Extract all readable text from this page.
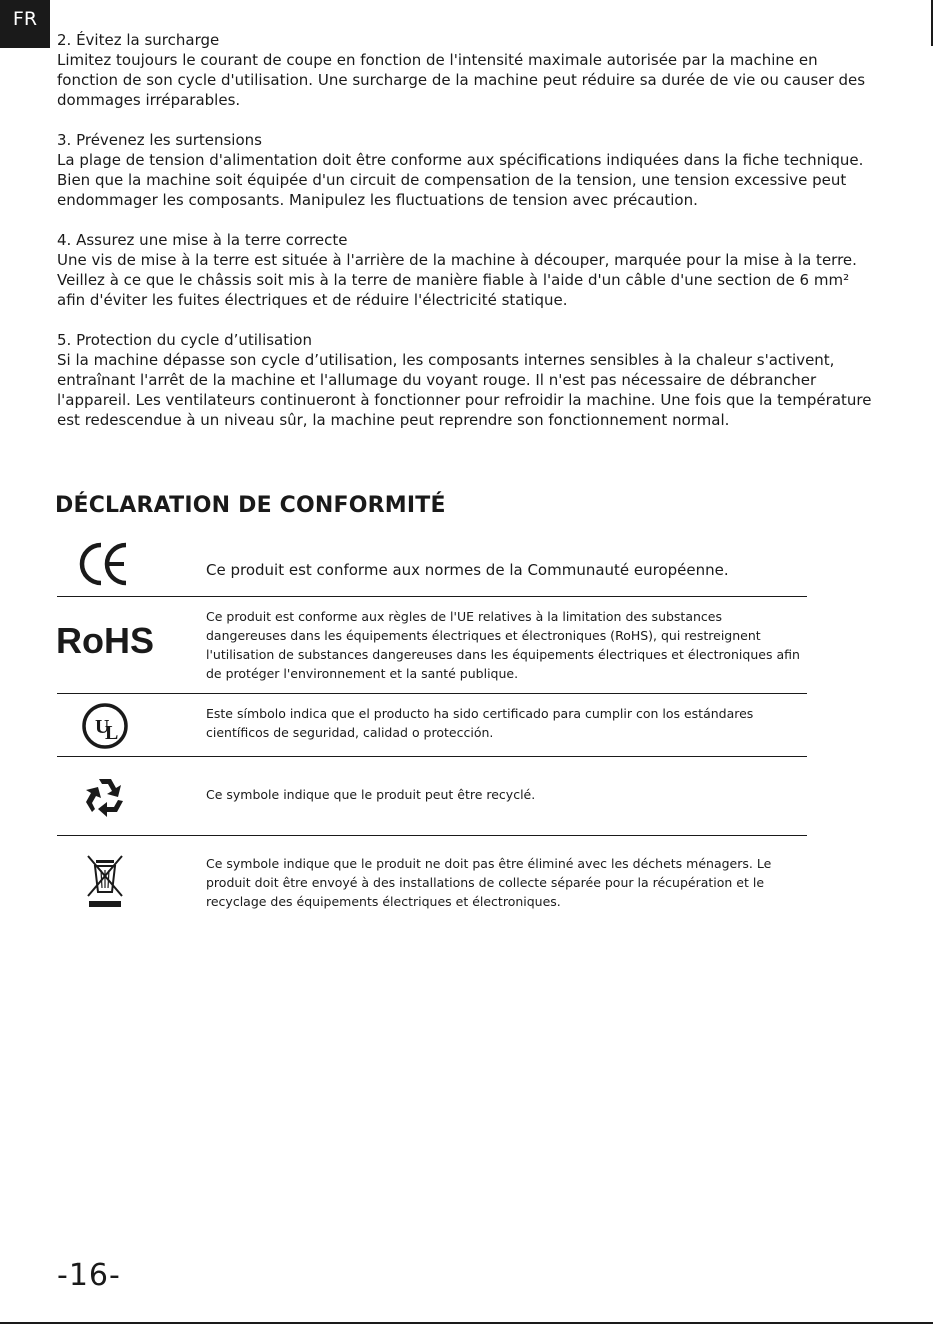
FR
2. Évitez la surcharge
Limitez toujours le courant de coupe en fonction de l'intensité maximale autorisée par la machine en fonction de son cycle d'utilisation. Une surcharge de la machine peut réduire sa durée de vie ou causer des dommages irréparables.
3. Prévenez les surtensions
La plage de tension d'alimentation doit être conforme aux spécifications indiquées dans la fiche technique. Bien que la machine soit équipée d'un circuit de compensation de la tension, une tension excessive peut endommager les composants. Manipulez les fluctuations de tension avec précaution.
4. Assurez une mise à la terre correcte
Une vis de mise à la terre est située à l'arrière de la machine à découper, marquée pour la mise à la terre. Veillez à ce que le châssis soit mis à la terre de manière fiable à l'aide d'un câble d'une section de 6 mm² afin d'éviter les fuites électriques et de réduire l'électricité statique.
5. Protection du cycle d’utilisation
Si la machine dépasse son cycle d’utilisation, les composants internes sensibles à la chaleur s'activent, entraînant l'arrêt de la machine et l'allumage du voyant rouge. Il n'est pas nécessaire de débrancher l'appareil. Les ventilateurs continueront à fonctionner pour refroidir la machine. Une fois que la température est redescendue à un niveau sûr, la machine peut reprendre son fonctionnement normal.
DÉCLARATION DE CONFORMITÉ

Ce produit est conforme aux normes de la Communauté européenne.

RoHS

Ce produit est conforme aux règles de l'UE relatives à la limitation des substances dangereuses dans les équipements électriques et électroniques (RoHS), qui restreignent l'utilisation de substances dangereuses dans les équipements électriques et électroniques afin de protéger l'environnement et la santé publique.

U
L

Este símbolo indica que el producto ha sido certificado para cumplir con los estándares científicos de seguridad, calidad o protección.

Ce symbole indique que le produit peut être recyclé.

Ce symbole indique que le produit ne doit pas être éliminé avec les déchets ménagers. Le produit doit être envoyé à des installations de collecte séparée pour la récupération et le recyclage des équipements électriques et électroniques.

-16-
